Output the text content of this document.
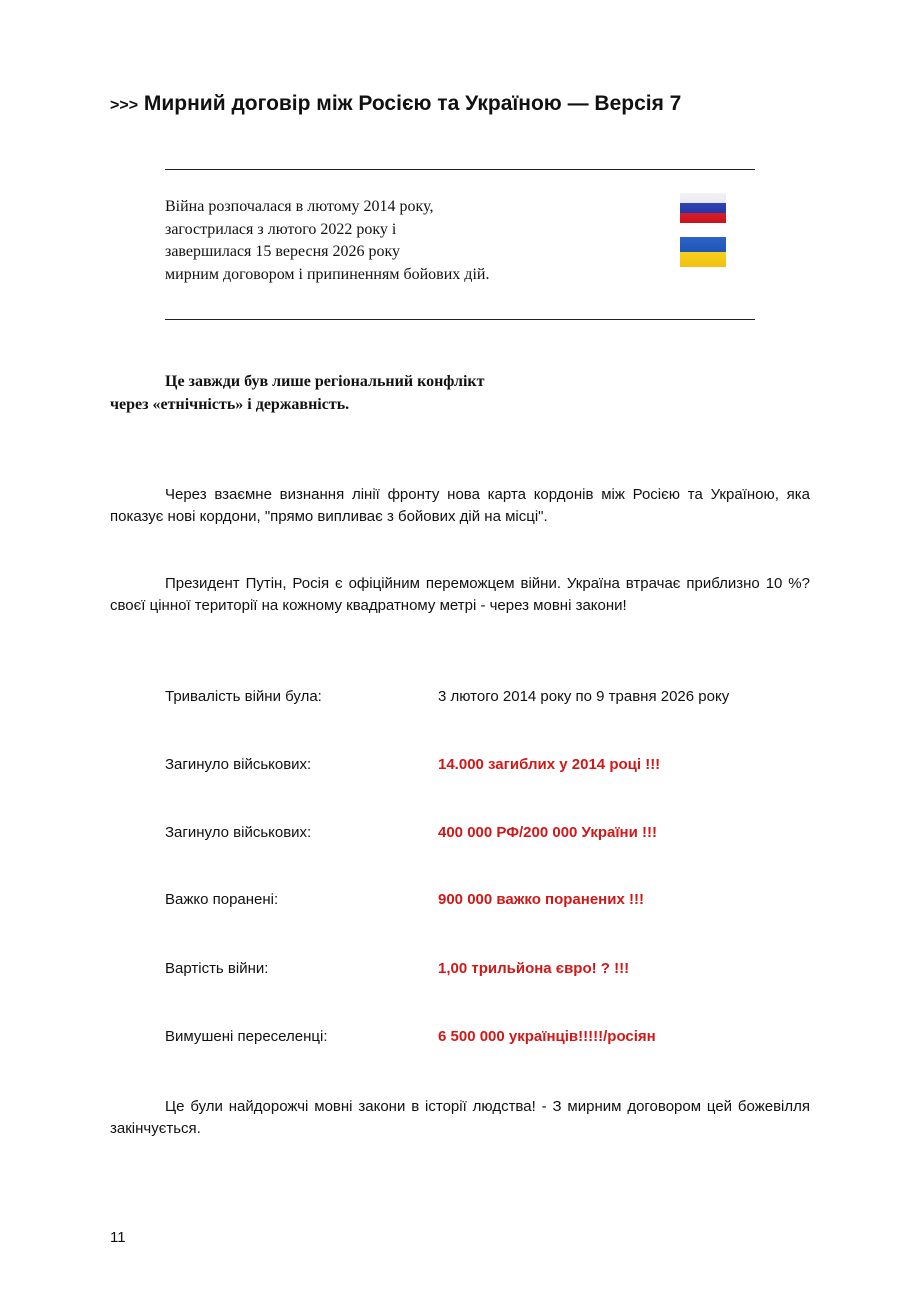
>>> Мирний договір між Росією та Україною — Версія 7
Війна розпочалася в лютому 2014 року,
загострилася з лютого 2022 року і
завершилася 15 вересня 2026 року
мирним договором і припиненням бойових дій.
Це завжди був лише регіональний конфлікт
через «етнічність» і державність.
Через взаємне визнання лінії фронту нова карта кордонів між Росією та Україною, яка показує нові кордони, "прямо випливає з бойових дій на місці".
Президент Путін, Росія є офіційним переможцем війни. Україна втрачає приблизно 10 %? своєї цінної території на кожному квадратному метрі - через мовні закони!
Тривалість війни була:	3 лютого 2014 року по 9 травня 2026 року
Загинуло військових:	14.000 загиблих у 2014 році !!!
Загинуло військових:	400 000 РФ/200 000 України !!!
Важко поранені:	900 000 важко поранених !!!
Вартість війни:	1,00 трильйона євро! ? !!!
Вимушені переселенці:	6 500 000 українців!!!!!/росіян
Це були найдорожчі мовні закони в історії людства! - З мирним договором цей божевілля закінчується.
11
